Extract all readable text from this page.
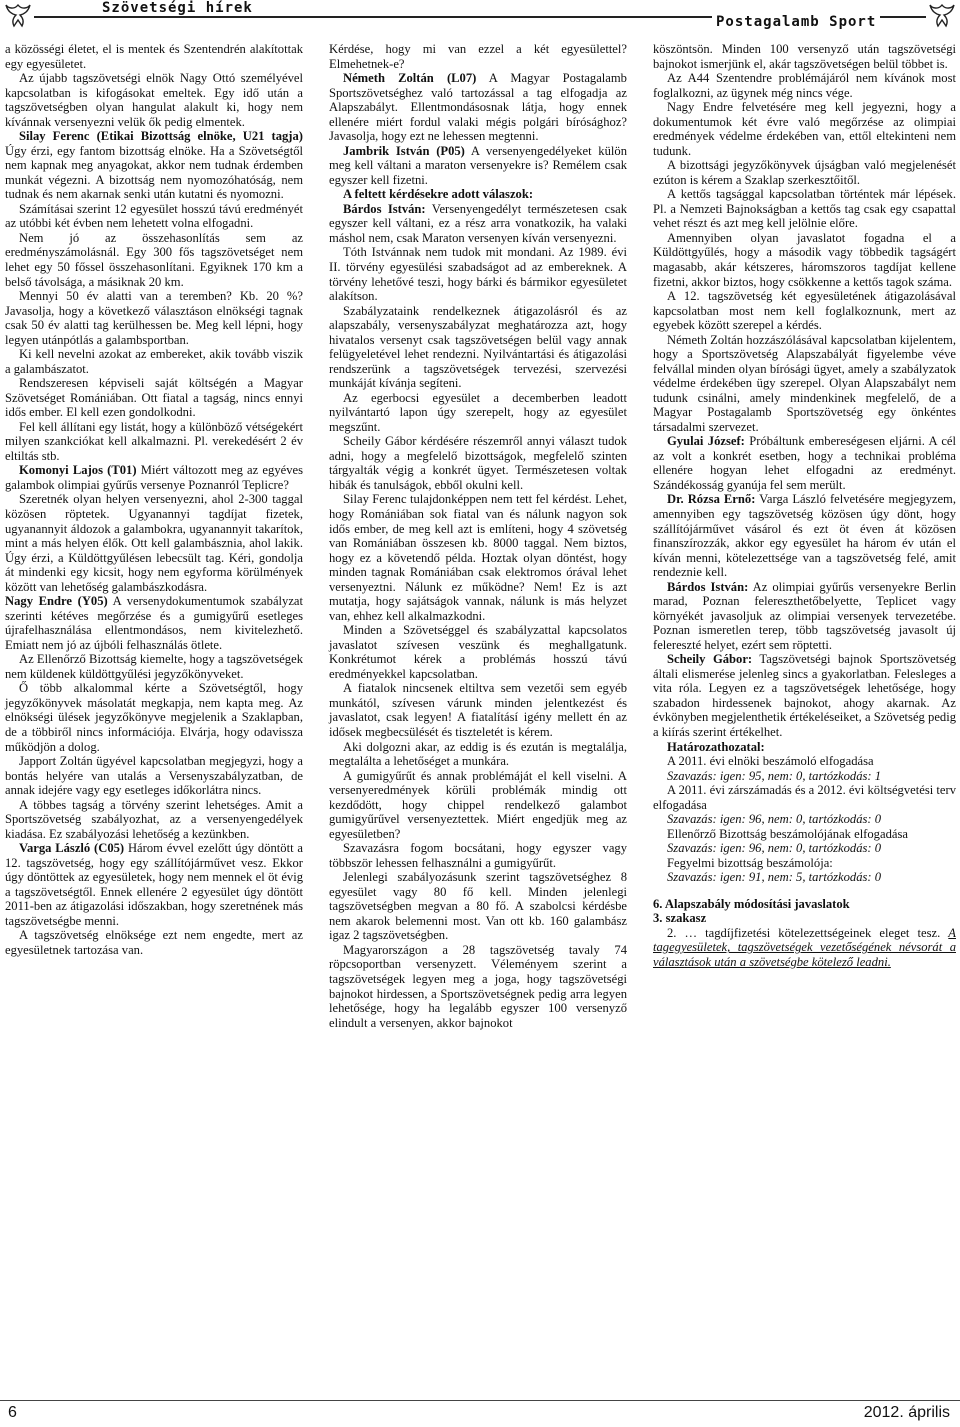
Szövetségi hírek
Postagalamb Sport

a közösségi életet, el is mentek és Szentendrén alakítottak egy egyesületet.

Az újabb tagszövetségi elnök Nagy Ottó személyével kapcsolatban is kifogásokat emeltek. Egy idő után a tagszövetségben olyan hangulat alakult ki, hogy nem kívánnak versenyezni velük ők pedig elmentek.

Silay Ferenc (Etikai Bizottság elnöke, U21 tagja) Úgy érzi, egy fantom bizottság elnöke. Ha a Szövetségtől nem kapnak meg anyagokat, akkor nem tudnak érdemben munkát végezni. A bizottság nem nyomozóhatóság, nem tudnak és nem akarnak senki után kutatni és nyomozni.

Számításai szerint 12 egyesület hosszú távú eredményét az utóbbi két évben nem lehetett volna elfogadni.

Nem jó az összehasonlítás sem az eredményszámolásnál. Egy 300 fős tagszövetséget nem lehet egy 50 főssel összehasonlítani. Egyiknek 170 km a belső távolsága, a másiknak 20 km.

Mennyi 50 év alatti van a teremben? Kb. 20 %? Javasolja, hogy a következő választáson elnökségi tagnak csak 50 év alatti tag kerülhessen be. Meg kell lépni, hogy legyen utánpótlás a galambsportban.

Ki kell nevelni azokat az embereket, akik tovább viszik a galambászatot.

Rendszeresen képviseli saját költségén a Magyar Szövetséget Romániában. Ott fiatal a tagság, nincs ennyi idős ember. El kell ezen gondolkodni.

Fel kell állítani egy listát, hogy a különböző vétségekért milyen szankciókat kell alkalmazni. Pl. verekedésért 2 év eltiltás stb.

Komonyi Lajos (T01) Miért változott meg az egyéves galambok olimpiai gyűrűs versenye Poznanról Teplicre?

Szeretnék olyan helyen versenyezni, ahol 2-300 taggal közösen röptetek. Ugyanannyi tagdíjat fizetek, ugyanannyit áldozok a galambokra, ugyanannyit takarítok, mint a más helyen élők. Ott kell galambásznia, ahol lakik. Úgy érzi, a Küldöttgyűlésen lebecsült tag. Kéri, gondolja át mindenki egy kicsit, hogy nem egyforma körülmények között van lehetőség galambászkodásra.

Nagy Endre (Y05) A versenydokumentumok szabályzat szerinti kétéves megőrzése és a gumigyűrű esetleges újrafelhasználása ellentmondásos, nem kivitelezhető. Emiatt nem jó az újbóli felhasználás ötlete.

Az Ellenőrző Bizottság kiemelte, hogy a tagszövetségek nem küldenek küldöttgyűlési jegyzőkönyveket.

Ő több alkalommal kérte a Szövetségtől, hogy jegyzőkönyvek másolatát megkapja, nem kapta meg. Az elnökségi ülések jegyzőkönyve megjelenik a Szaklapban, de a többiről nincs információja. Elvárja, hogy odavissza működjön a dolog.

Japport Zoltán ügyével kapcsolatban megjegyzi, hogy a bontás helyére van utalás a Versenyszabályzatban, de annak idejére vagy egy esetleges időkorlátra nincs.

A többes tagság a törvény szerint lehetséges. Amit a Sportszövetség szabályozhat, az a versenyengedélyek kiadása. Ez szabályozási lehetőség a kezünkben.

Varga László (C05) Három évvel ezelőtt úgy döntött a 12. tagszövetség, hogy egy szállítójárművet vesz. Ekkor úgy döntöttek az egyesületek, hogy nem mennek el öt évig a tagszövetségtől. Ennek ellenére 2 egyesület úgy döntött 2011-ben az átigazolási időszakban, hogy szeretnének más tagszövetségbe menni.

A tagszövetség elnöksége ezt nem engedte, mert az egyesületnek tartozása van.

Kérdése, hogy mi van ezzel a két egyesülettel? Elmehetnek-e?

Németh Zoltán (L07) A Magyar Postagalamb Sportszövetséghez való tartozással a tag elfogadja az Alapszabályt. Ellentmondásosnak látja, hogy ennek ellenére miért fordul valaki mégis polgári bírósághoz? Javasolja, hogy ezt ne lehessen megtenni.

Jambrik István (P05) A versenyengedélyeket külön meg kell váltani a maraton versenyekre is? Remélem csak egyszer kell fizetni.

A feltett kérdésekre adott válaszok:

Bárdos István: Versenyengedélyt természetesen csak egyszer kell váltani, ez a rész arra vonatkozik, ha valaki máshol nem, csak Maraton versenyen kíván versenyezni.

Tóth Istvánnak nem tudok mit mondani. Az 1989. évi II. törvény egyesülési szabadságot ad az embereknek. A törvény lehetővé teszi, hogy bárki és bármikor egyesületet alakítson.

Szabályzataink rendelkeznek átigazolásról és az alapszabály, versenyszabályzat meghatározza azt, hogy hivatalos versenyt csak tagszövetségen belül vagy annak felügyeletével lehet rendezni. Nyilvántartási és átigazolási rendszerünk a tagszövetségek tervezési, szervezési munkáját kívánja segíteni.

Az egerbocsi egyesület a decemberben leadott nyilvántartó lapon úgy szerepelt, hogy az egyesület megszűnt.

Scheily Gábor kérdésére részemről annyi választ tudok adni, hogy a megfelelő bizottságok, megfelelő szinten tárgyalták végig a konkrét ügyet. Természetesen voltak hibák és tanulságok, ebből okulni kell.

Silay Ferenc tulajdonképpen nem tett fel kérdést. Lehet, hogy Romániában sok fiatal van és nálunk nagyon sok idős ember, de meg kell azt is említeni, hogy 4 szövetség van Romániában összesen kb. 8000 taggal. Nem biztos, hogy ez a követendő példa. Hoztak olyan döntést, hogy minden tagnak Romániában csak elektromos órával lehet versenyeztni. Nálunk ez működne? Nem! Ez is azt mutatja, hogy sajátságok vannak, nálunk is más helyzet van, ehhez kell alkalmazkodni.

Minden a Szövetséggel és szabályzattal kapcsolatos javaslatot szívesen veszünk és meghallgatunk. Konkrétumot kérek a problémás hosszú távú eredményekkel kapcsolatban.

A fiatalok nincsenek eltiltva sem vezetői sem egyéb munkától, szívesen várunk minden jelentkezést és javaslatot, csak legyen! A fiatalításí igény mellett én az idősek megbecsülését és tiszteletét is kérem.

Aki dolgozni akar, az eddig is és ezután is megtalálja, megtalálta a lehetőséget a munkára.

A gumigyűrűt és annak problémáját el kell viselni. A versenyeredmények körüli problémák mindig ott kezdődött, hogy chippel rendelkező galambot gumigyűrűvel versenyeztettek. Miért engedjük meg az egyesületben?

Szavazásra fogom bocsátani, hogy egyszer vagy többször lehessen felhasználni a gumigyűrűt.

Jelenlegi szabályozásunk szerint tagszövetséghez 8 egyesület vagy 80 fő kell. Minden jelenlegi tagszövetségben megvan a 80 fő. A szabolcsi kérdésbe nem akarok belemenni most. Van ott kb. 160 galambász igaz 2 tagszövetségben.

Magyarországon a 28 tagszövetség tavaly 74 röpcsoportban versenyzett. Véleményem szerint a tagszövetségek legyen meg a joga, hogy tagszövetségi bajnokot hirdessen, a Sportszövetségnek pedig arra legyen lehetősége, hogy ha legalább egyszer 100 versenyző elindult a versenyen, akkor bajnokot

köszöntsön. Minden 100 versenyző után tagszövetségi bajnokot ismerjünk el, akár tagszövetségen belül többet is.

Az A44 Szentendre problémájáról nem kívánok most foglalkozni, az ügynek még nincs vége.

Nagy Endre felvetésére meg kell jegyezni, hogy a dokumentumok két évre való megőrzése az olimpiai eredmények védelme érdekében van, ettől eltekinteni nem tudunk.

A bizottsági jegyzőkönyvek újságban való megjelenését ezúton is kérem a Szaklap szerkesztőitől.

A kettős tagsággal kapcsolatban történtek már lépések. Pl. a Nemzeti Bajnokságban a kettős tag csak egy csapattal vehet részt és azt meg kell jelölnie előre.

Amennyiben olyan javaslatot fogadna el a Küldöttgyűlés, hogy a második vagy többedik tagságért magasabb, akár kétszeres, háromszoros tagdíjat kellene fizetni, akkor biztos, hogy csökkenne a kettős tagok száma.

A 12. tagszövetség két egyesületének átigazolásával kapcsolatban most nem kell foglalkoznunk, mert az egyebek között szerepel a kérdés.

Németh Zoltán hozzászólásával kapcsolatban kijelentem, hogy a Sportszövetség Alapszabályát figyelembe véve felvállal minden olyan bírósági ügyet, amely a szabályzatok védelme érdekében ügy szerepel. Olyan Alapszabályt nem tudunk csinálni, amely mindenkinek megfelelő, de a Magyar Postagalamb Sportszövetség egy önkéntes társadalmi szervezet.

Gyulai József: Próbáltunk embereségesen eljárni. A cél az volt a konkrét esetben, hogy a technikai probléma ellenére hogyan lehet elfogadni az eredményt. Szándékosság gyanúja fel sem merült.

Dr. Rózsa Ernő: Varga László felvetésére megjegyzem, amennyiben egy tagszövetség közösen úgy dönt, hogy szállítójárművet vásárol és ezt öt éven át közösen finanszírozzák, akkor egy egyesület ha három év után el kíván menni, kötelezettsége van a tagszövetség felé, amit rendeznie kell.

Bárdos István: Az olimpiai gyűrűs versenyekre Berlin marad, Poznan felereszthetőbelyette, Teplicet vagy környékét javasoljuk az olimpiai versenyek tervezetébe. Poznan ismeretlen terep, több tagszövetség javasolt új felereszté helyet, ezért sem röptetti.

Scheily Gábor: Tagszövetségi bajnok Sportszövetség általi elismerése jelenleg sincs a gyakorlatban. Felesleges a vita róla. Legyen ez a tagszövetségek lehetősége, hogy szabadon hirdessenek bajnokot, ahogy akarnak. Az évkönyben megjelenthetik értékeléseiket, a Szövetség pedig a kiírás szerint értékelhet.

Határozathozatal:

A 2011. évi elnöki beszámoló elfogadása

Szavazás: igen: 95, nem: 0, tartózkodás: 1

A 2011. évi zárszámadás és a 2012. évi költségvetési terv elfogadása

Szavazás: igen: 96, nem: 0, tartózkodás: 0

Ellenőrző Bizottság beszámolójának elfogadása

Szavazás: igen: 96, nem: 0, tartózkodás: 0

Fegyelmi bizottság beszámolója:

Szavazás: igen: 91, nem: 5, tartózkodás: 0

6. Alapszabály módosítási javaslatok

3. szakasz

2. … tagdíjfizetési kötelezettségeinek eleget tesz. A tagegyesületek, tagszövetségek vezetőségének névsorát a választások után a szövetségbe kötelező leadni.

6	2012. április
